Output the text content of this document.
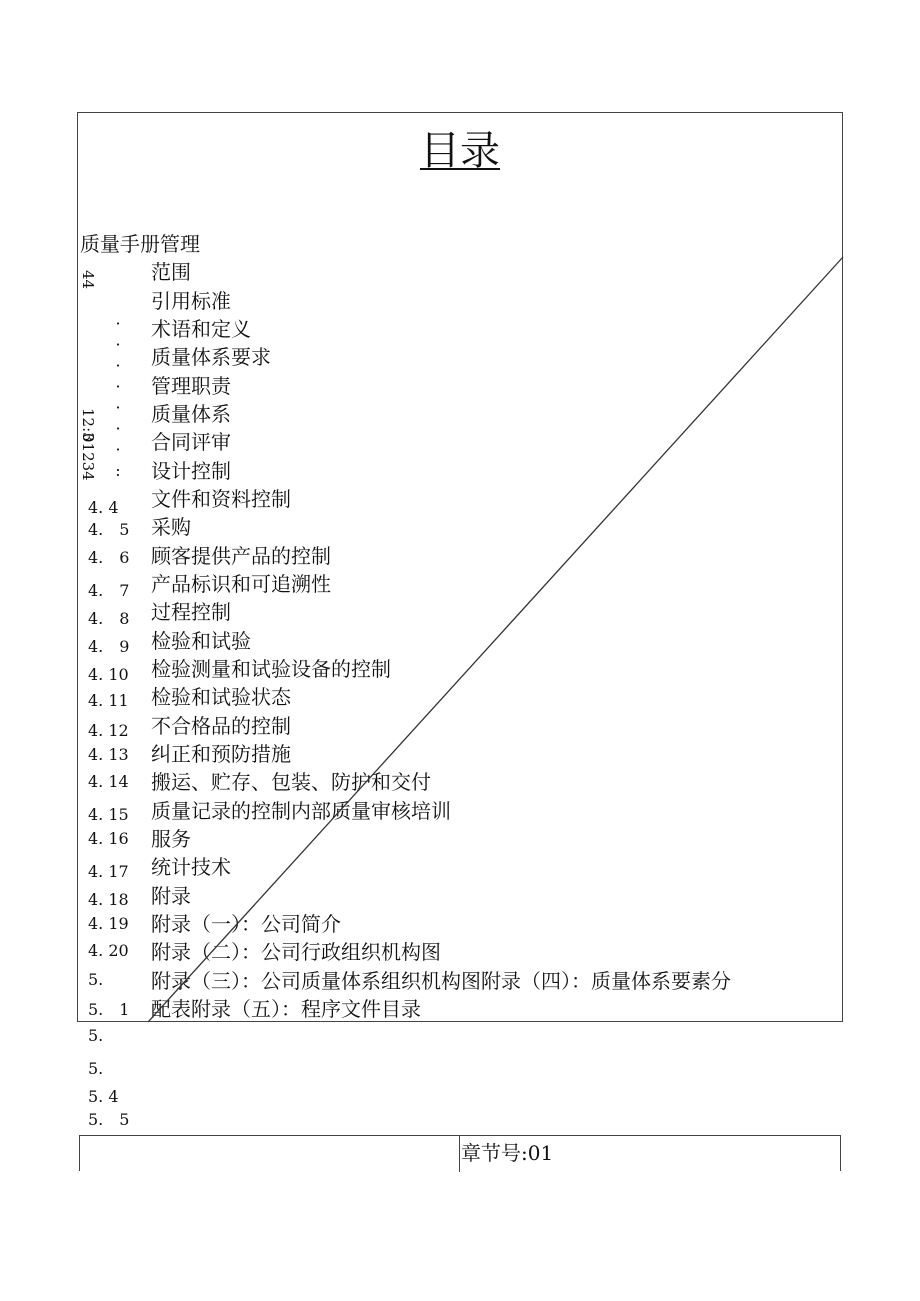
目录
质量手册管理
44
· · · · · · · :
12:3
01234
范围
引用标准
术语和定义
质量体系要求
管理职责
质量体系
合同评审
设计控制
文件和资料控制
采购
顾客提供产品的控制
产品标识和可追溯性
过程控制
检验和试验
检验测量和试验设备的控制
检验和试验状态
不合格品的控制
纠正和预防措施
搬运、贮存、包装、防护和交付
质量记录的控制内部质量审核培训
服务
统计技术
附录
附录（一）：公司简介
附录（二）：公司行政组织机构图
附录（三）：公司质量体系组织机构图附录（四）：质量体系要素分
配表附录（五）：程序文件目录
4. 4
4.　5
4.　6
4.　7
4.　8
4.　9
4. 10
4. 11
4. 12
4. 13
4. 14
4. 15
4. 16
4. 17
4. 18
4. 19
4. 20
5.
5.　1
5.
5.
5. 4
5.　5
章节号:01
